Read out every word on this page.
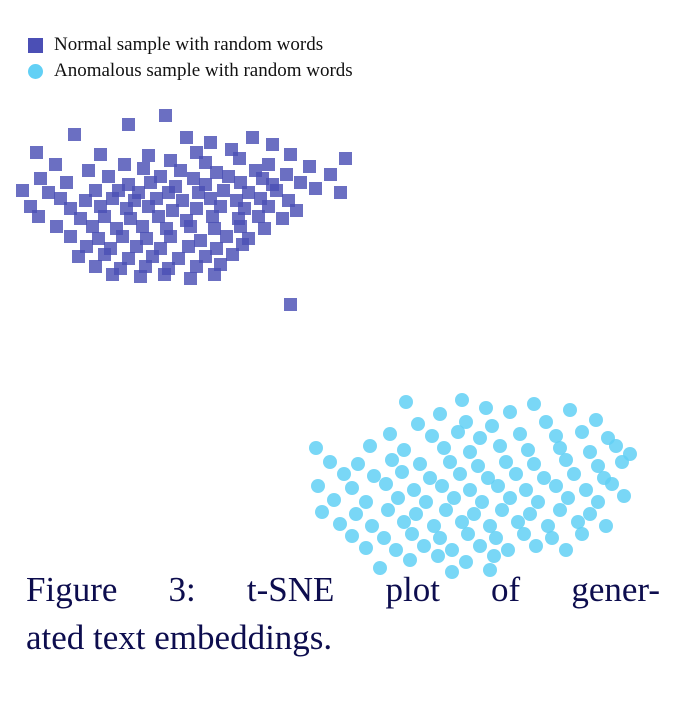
Normal sample with random words
Anomalous sample with random words
Figure 3: t-SNE plot of gener-
ated text embeddings.
